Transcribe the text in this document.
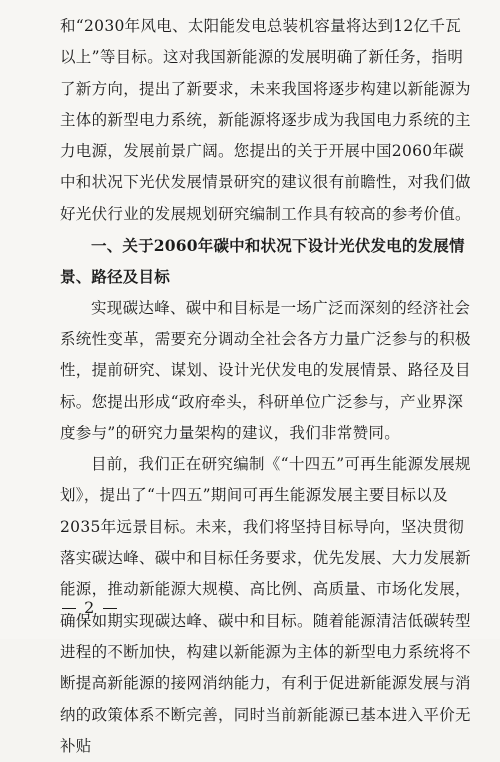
和“2030年风电、太阳能发电总装机容量将达到12亿千瓦以上”等目标。这对我国新能源的发展明确了新任务，指明了新方向，提出了新要求，未来我国将逐步构建以新能源为主体的新型电力系统，新能源将逐步成为我国电力系统的主力电源，发展前景广阔。您提出的关于开展中国2060年碳中和状况下光伏发展情景研究的建议很有前瞻性，对我们做好光伏行业的发展规划研究编制工作具有较高的参考价值。

一、关于2060年碳中和状况下设计光伏发电的发展情景、路径及目标

实现碳达峰、碳中和目标是一场广泛而深刻的经济社会系统性变革，需要充分调动全社会各方力量广泛参与的积极性，提前研究、谋划、设计光伏发电的发展情景、路径及目标。您提出形成“政府牵头，科研单位广泛参与，产业界深度参与”的研究力量架构的建议，我们非常赞同。

目前，我们正在研究编制《“十四五”可再生能源发展规划》，提出了“十四五”期间可再生能源发展主要目标以及2035年远景目标。未来，我们将坚持目标导向，坚决贯彻落实碳达峰、碳中和目标任务要求，优先发展、大力发展新能源，推动新能源大规模、高比例、高质量、市场化发展，确保如期实现碳达峰、碳中和目标。随着能源清洁低碳转型进程的不断加快，构建以新能源为主体的新型电力系统将不断提高新能源的接网消纳能力，有利于促进新能源发展与消纳的政策体系不断完善，同时当前新能源已基本进入平价无补贴

2
